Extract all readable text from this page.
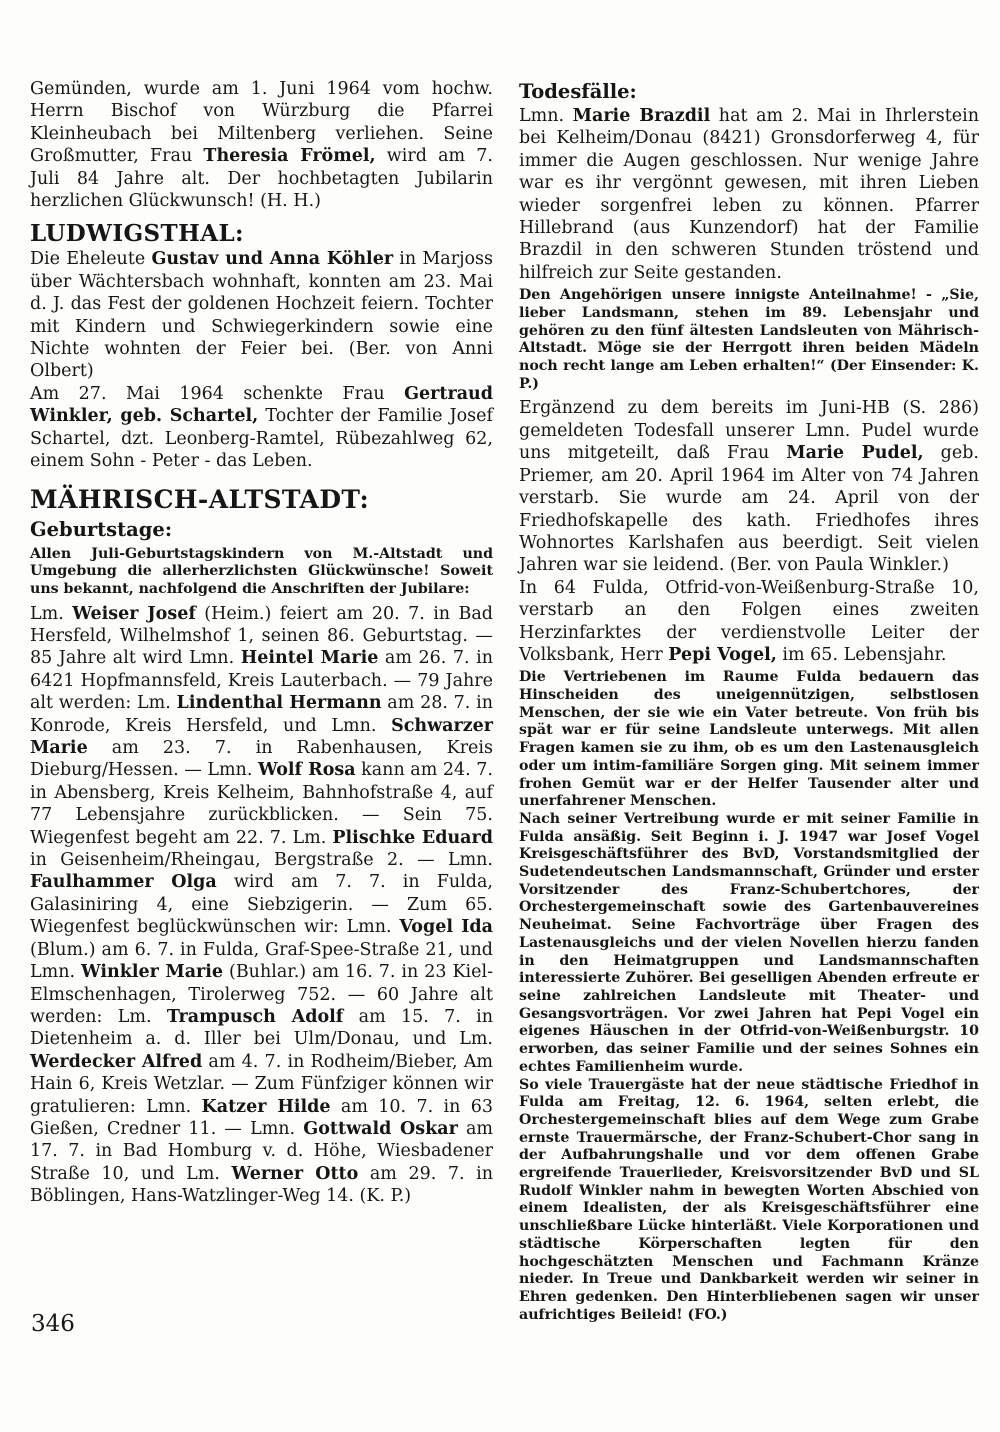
Gemünden, wurde am 1. Juni 1964 vom hochw. Herrn Bischof von Würzburg die Pfarrei Kleinheubach bei Miltenberg verliehen. Seine Großmutter, Frau Theresia Frömel, wird am 7. Juli 84 Jahre alt. Der hochbetagten Jubilarin herzlichen Glückwunsch! (H. H.)
LUDWIGSTHAL:
Die Eheleute Gustav und Anna Köhler in Marjoss über Wächtersbach wohnhaft, konnten am 23. Mai d. J. das Fest der goldenen Hochzeit feiern. Tochter mit Kindern und Schwiegerkindern sowie eine Nichte wohnten der Feier bei. (Ber. von Anni Olbert)
Am 27. Mai 1964 schenkte Frau Gertraud Winkler, geb. Schartel, Tochter der Familie Josef Schartel, dzt. Leonberg-Ramtel, Rübezahlweg 62, einem Sohn - Peter - das Leben.
MÄHRISCH-ALTSTADT:
Geburtstage:
Allen Juli-Geburtstagskindern von M.-Altstadt und Umgebung die allerherzlichsten Glückwünsche! Soweit uns bekannt, nachfolgend die Anschriften der Jubilare:
Lm. Weiser Josef (Heim.) feiert am 20. 7. in Bad Hersfeld, Wilhelmshof 1, seinen 86. Geburtstag. — 85 Jahre alt wird Lmn. Heintel Marie am 26. 7. in 6421 Hopfmannsfeld, Kreis Lauterbach. — 79 Jahre alt werden: Lm. Lindenthal Hermann am 28. 7. in Konrode, Kreis Hersfeld, und Lmn. Schwarzer Marie am 23. 7. in Rabenhausen, Kreis Dieburg/Hessen. — Lmn. Wolf Rosa kann am 24. 7. in Abensberg, Kreis Kelheim, Bahnhofstraße 4, auf 77 Lebensjahre zurückblicken. — Sein 75. Wiegenfest begeht am 22. 7. Lm. Plischke Eduard in Geisenheim/Rheingau, Bergstraße 2. — Lmn. Faulhammer Olga wird am 7. 7. in Fulda, Galasiniring 4, eine Siebzigerin. — Zum 65. Wiegenfest beglückwünschen wir: Lmn. Vogel Ida (Blum.) am 6. 7. in Fulda, Graf-Spee-Straße 21, und Lmn. Winkler Marie (Buhlar.) am 16. 7. in 23 Kiel-Elmschenhagen, Tirolerweg 752. — 60 Jahre alt werden: Lm. Trampusch Adolf am 15. 7. in Dietenheim a. d. Iller bei Ulm/Donau, und Lm. Werdecker Alfred am 4. 7. in Rodheim/Bieber, Am Hain 6, Kreis Wetzlar. — Zum Fünfziger können wir gratulieren: Lmn. Katzer Hilde am 10. 7. in 63 Gießen, Credner 11. — Lmn. Gottwald Oskar am 17. 7. in Bad Homburg v. d. Höhe, Wiesbadener Straße 10, und Lm. Werner Otto am 29. 7. in Böblingen, Hans-Watzlinger-Weg 14. (K. P.)
Todesfälle:
Lmn. Marie Brazdil hat am 2. Mai in Ihrlerstein bei Kelheim/Donau (8421) Gronsdorferweg 4, für immer die Augen geschlossen. Nur wenige Jahre war es ihr vergönnt gewesen, mit ihren Lieben wieder sorgenfrei leben zu können. Pfarrer Hillebrand (aus Kunzendorf) hat der Familie Brazdil in den schweren Stunden tröstend und hilfreich zur Seite gestanden.
Den Angehörigen unsere innigste Anteilnahme! - „Sie, lieber Landsmann, stehen im 89. Lebensjahr und gehören zu den fünf ältesten Landsleuten von Mährisch-Altstadt. Möge sie der Herrgott ihren beiden Mädeln noch recht lange am Leben erhalten!“ (Der Einsender: K. P.)
Ergänzend zu dem bereits im Juni-HB (S. 286) gemeldeten Todesfall unserer Lmn. Pudel wurde uns mitgeteilt, daß Frau Marie Pudel, geb. Priemer, am 20. April 1964 im Alter von 74 Jahren verstarb. Sie wurde am 24. April von der Friedhofskapelle des kath. Friedhofes ihres Wohnortes Karlshafen aus beerdigt. Seit vielen Jahren war sie leidend. (Ber. von Paula Winkler.)
In 64 Fulda, Otfrid-von-Weißenburg-Straße 10, verstarb an den Folgen eines zweiten Herzinfarktes der verdienstvolle Leiter der Volksbank, Herr Pepi Vogel, im 65. Lebensjahr.
Die Vertriebenen im Raume Fulda bedauern das Hinscheiden des uneigennützigen, selbstlosen Menschen, der sie wie ein Vater betreute. Von früh bis spät war er für seine Landsleute unterwegs. Mit allen Fragen kamen sie zu ihm, ob es um den Lastenausgleich oder um intim-familiäre Sorgen ging. Mit seinem immer frohen Gemüt war er der Helfer Tausender alter und unerfahrener Menschen.
Nach seiner Vertreibung wurde er mit seiner Familie in Fulda ansäßig. Seit Beginn i. J. 1947 war Josef Vogel Kreisgeschäftsführer des BvD, Vorstandsmitglied der Sudetendeutschen Landsmannschaft, Gründer und erster Vorsitzender des Franz-Schubertchores, der Orchestergemeinschaft sowie des Gartenbauvereines Neuheimat. Seine Fachvorträge über Fragen des Lastenausgleichs und der vielen Novellen hierzu fanden in den Heimatgruppen und Landsmannschaften interessierte Zuhörer. Bei geselligen Abenden erfreute er seine zahlreichen Landsleute mit Theater- und Gesangsvorträgen. Vor zwei Jahren hat Pepi Vogel ein eigenes Häuschen in der Otfrid-von-Weißenburgstr. 10 erworben, das seiner Familie und der seines Sohnes ein echtes Familienheim wurde.
So viele Trauergäste hat der neue städtische Friedhof in Fulda am Freitag, 12. 6. 1964, selten erlebt, die Orchestergemeinschaft blies auf dem Wege zum Grabe ernste Trauermärsche, der Franz-Schubert-Chor sang in der Aufbahrungshalle und vor dem offenen Grabe ergreifende Trauerlieder, Kreisvorsitzender BvD und SL Rudolf Winkler nahm in bewegten Worten Abschied von einem Idealisten, der als Kreisgeschäftsführer eine unschließbare Lücke hinterläßt. Viele Korporationen und städtische Körperschaften legten für den hochgeschätzten Menschen und Fachmann Kränze nieder. In Treue und Dankbarkeit werden wir seiner in Ehren gedenken. Den Hinterbliebenen sagen wir unser aufrichtiges Beileid! (FO.)
346
